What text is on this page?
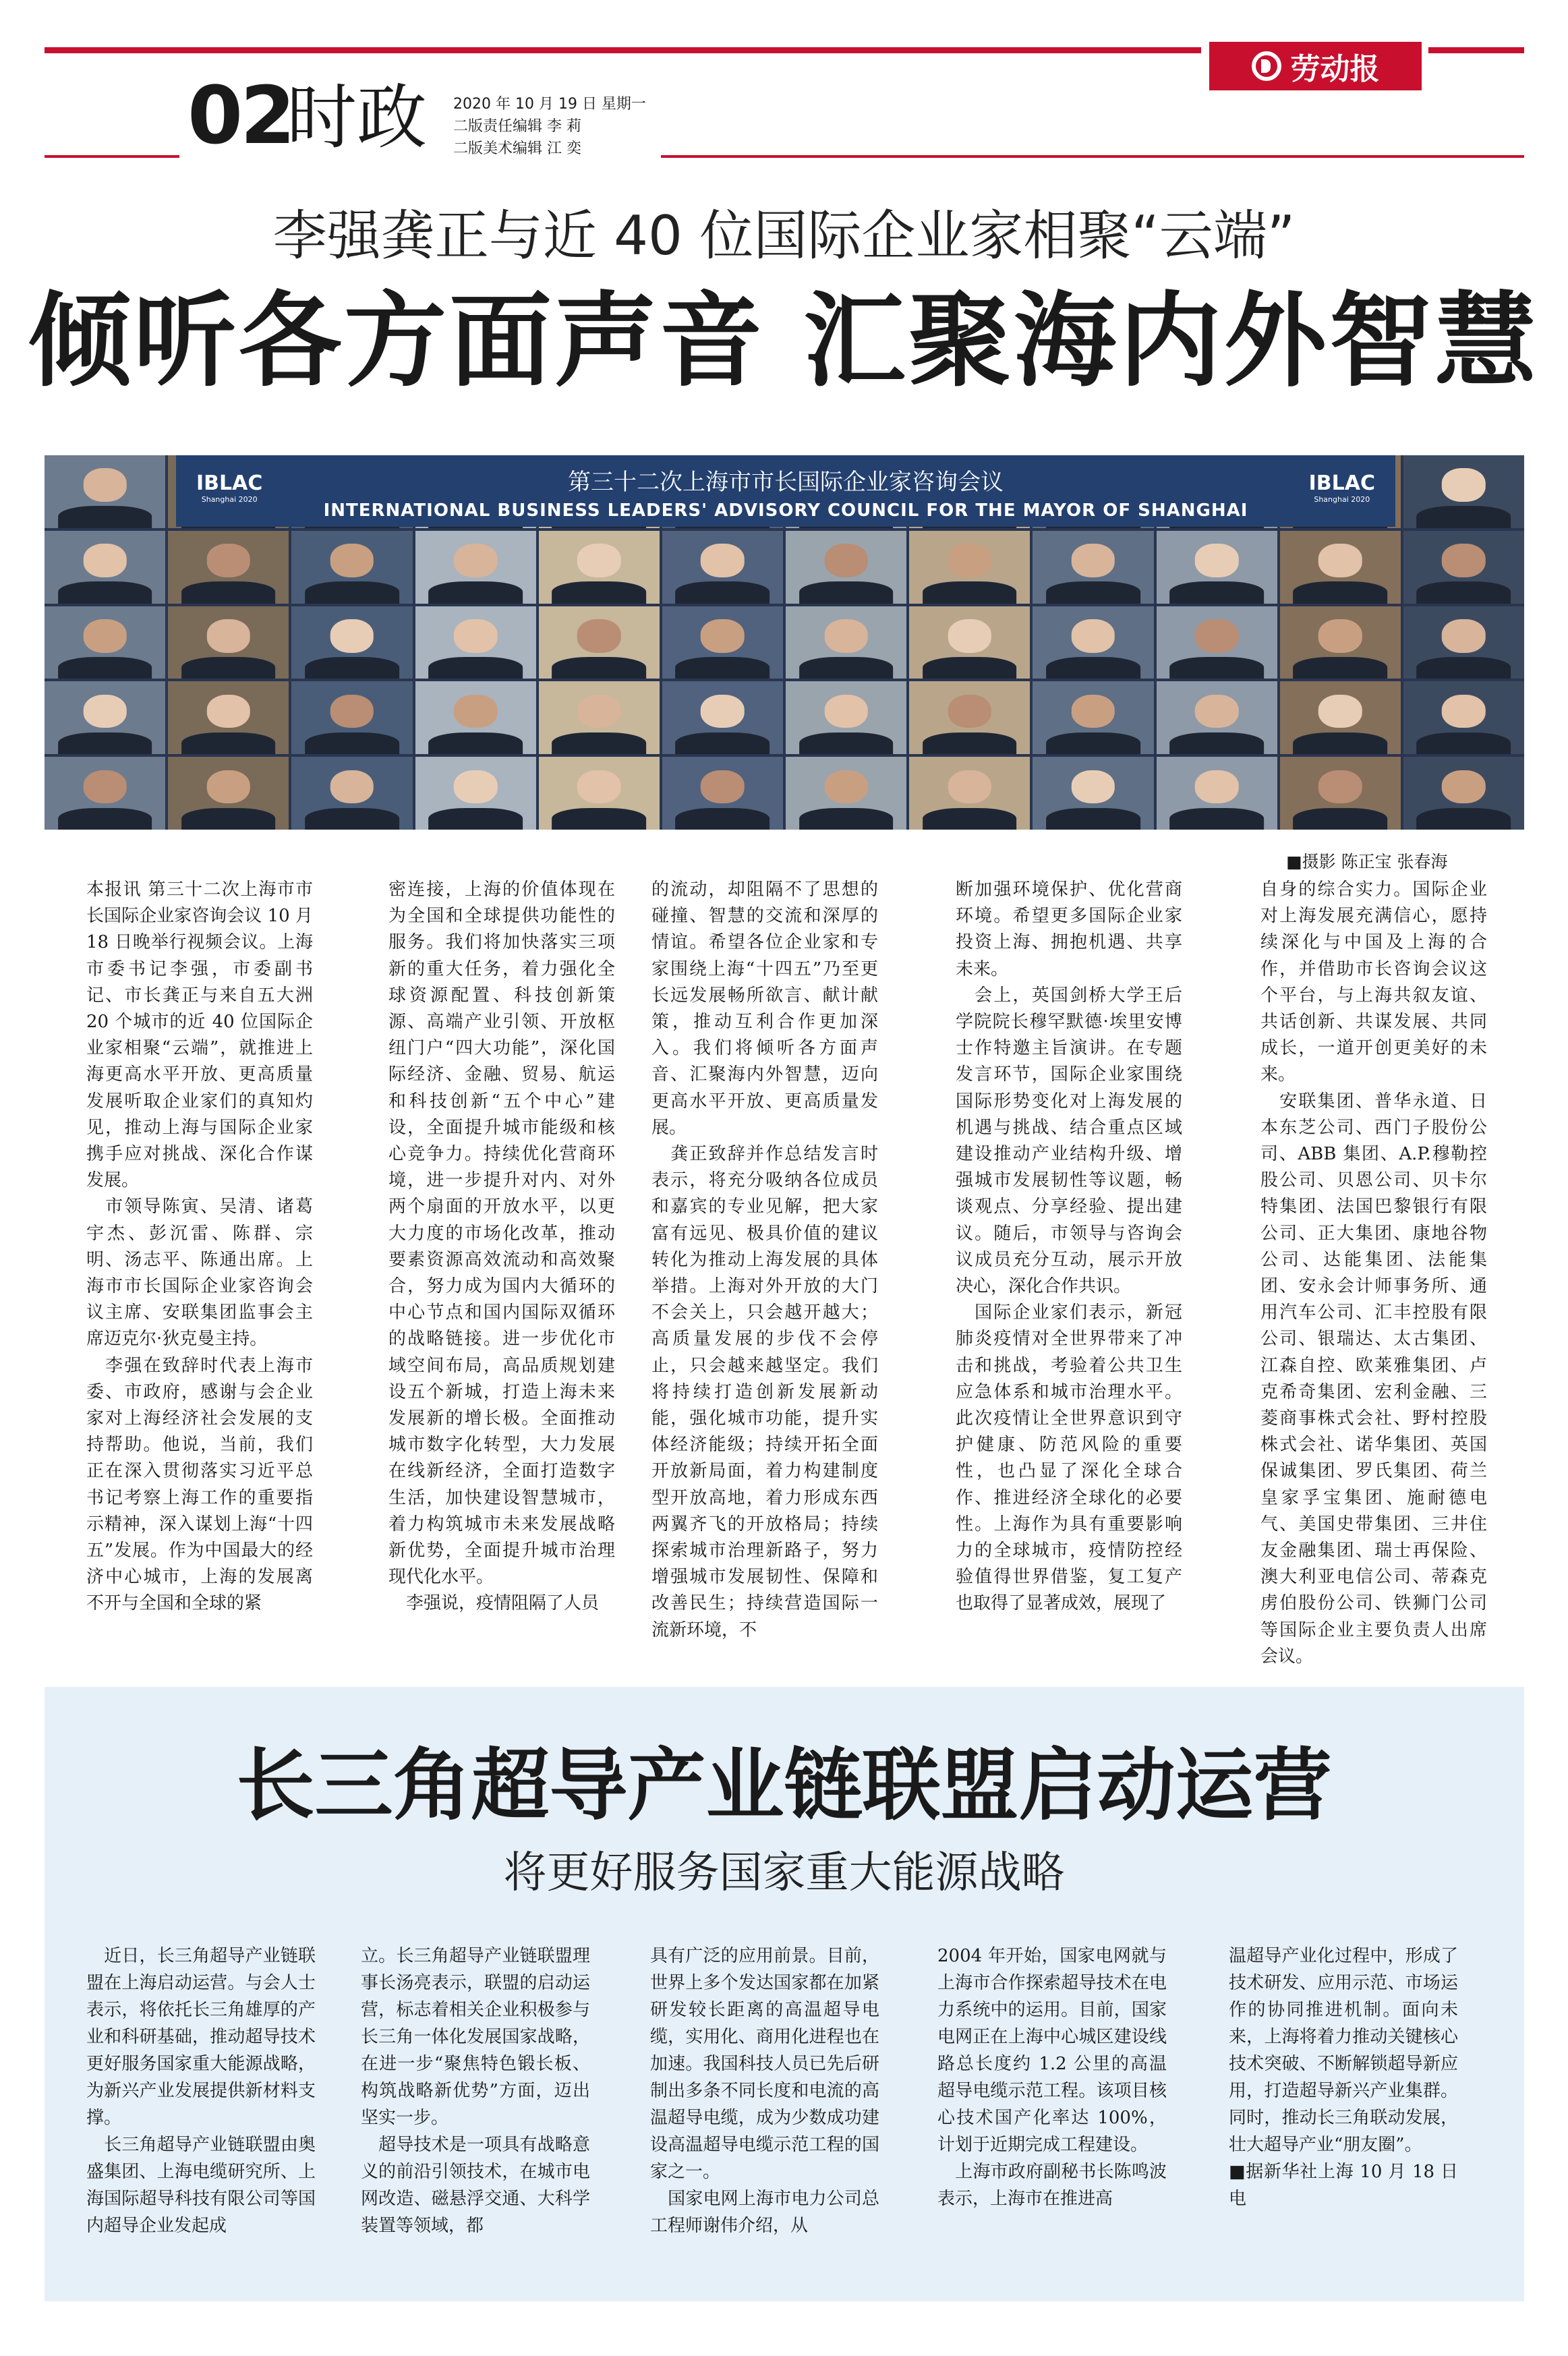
劳动报
02
时政 2020 年 10 月 19 日 星期一
二版责任编辑 李 莉
二版美术编辑 江 奕
李强龚正与近 40 位国际企业家相聚“云端”
倾听各方面声音 汇聚海内外智慧
IBLAC
Shanghai 2020
第三十二次上海市市长国际企业家咨询会议
INTERNATIONAL BUSINESS LEADERS' ADVISORY COUNCIL FOR THE MAYOR OF SHANGHAI
IBLAC
Shanghai 2020
■摄影 陈正宝 张春海
本报讯 第三十二次上海市市长国际企业家咨询会议 10 月 18 日晚举行视频会议。上海市委书记李强，市委副书记、市长龚正与来自五大洲 20 个城市的近 40 位国际企业家相聚“云端”，就推进上海更高水平开放、更高质量发展听取企业家们的真知灼见，推动上海与国际企业家携手应对挑战、深化合作谋发展。
　市领导陈寅、吴清、诸葛宇杰、彭沉雷、陈群、宗明、汤志平、陈通出席。上海市市长国际企业家咨询会议主席、安联集团监事会主席迈克尔·狄克曼主持。
　李强在致辞时代表上海市委、市政府，感谢与会企业家对上海经济社会发展的支持帮助。他说，当前，我们正在深入贯彻落实习近平总书记考察上海工作的重要指示精神，深入谋划上海“十四五”发展。作为中国最大的经济中心城市，上海的发展离不开与全国和全球的紧
密连接，上海的价值体现在为全国和全球提供功能性的服务。我们将加快落实三项新的重大任务，着力强化全球资源配置、科技创新策源、高端产业引领、开放枢纽门户“四大功能”，深化国际经济、金融、贸易、航运和科技创新“五个中心”建设，全面提升城市能级和核心竞争力。持续优化营商环境，进一步提升对内、对外两个扇面的开放水平，以更大力度的市场化改革，推动要素资源高效流动和高效聚合，努力成为国内大循环的中心节点和国内国际双循环的战略链接。进一步优化市域空间布局，高品质规划建设五个新城，打造上海未来发展新的增长极。全面推动城市数字化转型，大力发展在线新经济，全面打造数字生活，加快建设智慧城市，着力构筑城市未来发展战略新优势，全面提升城市治理现代化水平。
　李强说，疫情阻隔了人员
的流动，却阻隔不了思想的碰撞、智慧的交流和深厚的情谊。希望各位企业家和专家围绕上海“十四五”乃至更长远发展畅所欲言、献计献策，推动互利合作更加深入。我们将倾听各方面声音、汇聚海内外智慧，迈向更高水平开放、更高质量发展。
　龚正致辞并作总结发言时表示，将充分吸纳各位成员和嘉宾的专业见解，把大家富有远见、极具价值的建议转化为推动上海发展的具体举措。上海对外开放的大门不会关上，只会越开越大；高质量发展的步伐不会停止，只会越来越坚定。我们将持续打造创新发展新动能，强化城市功能，提升实体经济能级；持续开拓全面开放新局面，着力构建制度型开放高地，着力形成东西两翼齐飞的开放格局；持续探索城市治理新路子，努力增强城市发展韧性、保障和改善民生；持续营造国际一流新环境，不
断加强环境保护、优化营商环境。希望更多国际企业家投资上海、拥抱机遇、共享未来。
　会上，英国剑桥大学王后学院院长穆罕默德·埃里安博士作特邀主旨演讲。在专题发言环节，国际企业家围绕国际形势变化对上海发展的机遇与挑战、结合重点区域建设推动产业结构升级、增强城市发展韧性等议题，畅谈观点、分享经验、提出建议。随后，市领导与咨询会议成员充分互动，展示开放决心，深化合作共识。
　国际企业家们表示，新冠肺炎疫情对全世界带来了冲击和挑战，考验着公共卫生应急体系和城市治理水平。此次疫情让全世界意识到守护健康、防范风险的重要性，也凸显了深化全球合作、推进经济全球化的必要性。上海作为具有重要影响力的全球城市，疫情防控经验值得世界借鉴，复工复产也取得了显著成效，展现了
自身的综合实力。国际企业对上海发展充满信心，愿持续深化与中国及上海的合作，并借助市长咨询会议这个平台，与上海共叙友谊、共话创新、共谋发展、共同成长，一道开创更美好的未来。
　安联集团、普华永道、日本东芝公司、西门子股份公司、ABB 集团、A.P.穆勒控股公司、贝恩公司、贝卡尔特集团、法国巴黎银行有限公司、正大集团、康地谷物公司、达能集团、法能集团、安永会计师事务所、通用汽车公司、汇丰控股有限公司、银瑞达、太古集团、江森自控、欧莱雅集团、卢克希奇集团、宏利金融、三菱商事株式会社、野村控股株式会社、诺华集团、英国保诚集团、罗氏集团、荷兰皇家孚宝集团、施耐德电气、美国史带集团、三井住友金融集团、瑞士再保险、澳大利亚电信公司、蒂森克虏伯股份公司、铁狮门公司等国际企业主要负责人出席会议。
长三角超导产业链联盟启动运营
将更好服务国家重大能源战略
　近日，长三角超导产业链联盟在上海启动运营。与会人士表示，将依托长三角雄厚的产业和科研基础，推动超导技术更好服务国家重大能源战略，为新兴产业发展提供新材料支撑。
　长三角超导产业链联盟由奥盛集团、上海电缆研究所、上海国际超导科技有限公司等国内超导企业发起成
立。长三角超导产业链联盟理事长汤亮表示，联盟的启动运营，标志着相关企业积极参与长三角一体化发展国家战略，在进一步“聚焦特色锻长板、构筑战略新优势”方面，迈出坚实一步。
　超导技术是一项具有战略意义的前沿引领技术，在城市电网改造、磁悬浮交通、大科学装置等领域，都
具有广泛的应用前景。目前，世界上多个发达国家都在加紧研发较长距离的高温超导电缆，实用化、商用化进程也在加速。我国科技人员已先后研制出多条不同长度和电流的高温超导电缆，成为少数成功建设高温超导电缆示范工程的国家之一。
　国家电网上海市电力公司总工程师谢伟介绍，从
2004 年开始，国家电网就与上海市合作探索超导技术在电力系统中的运用。目前，国家电网正在上海中心城区建设线路总长度约 1.2 公里的高温超导电缆示范工程。该项目核心技术国产化率达 100%，计划于近期完成工程建设。
　上海市政府副秘书长陈鸣波表示，上海市在推进高
温超导产业化过程中，形成了技术研发、应用示范、市场运作的协同推进机制。面向未来，上海将着力推动关键核心技术突破、不断解锁超导新应用，打造超导新兴产业集群。同时，推动长三角联动发展，壮大超导产业“朋友圈”。
■据新华社上海 10 月 18 日电
